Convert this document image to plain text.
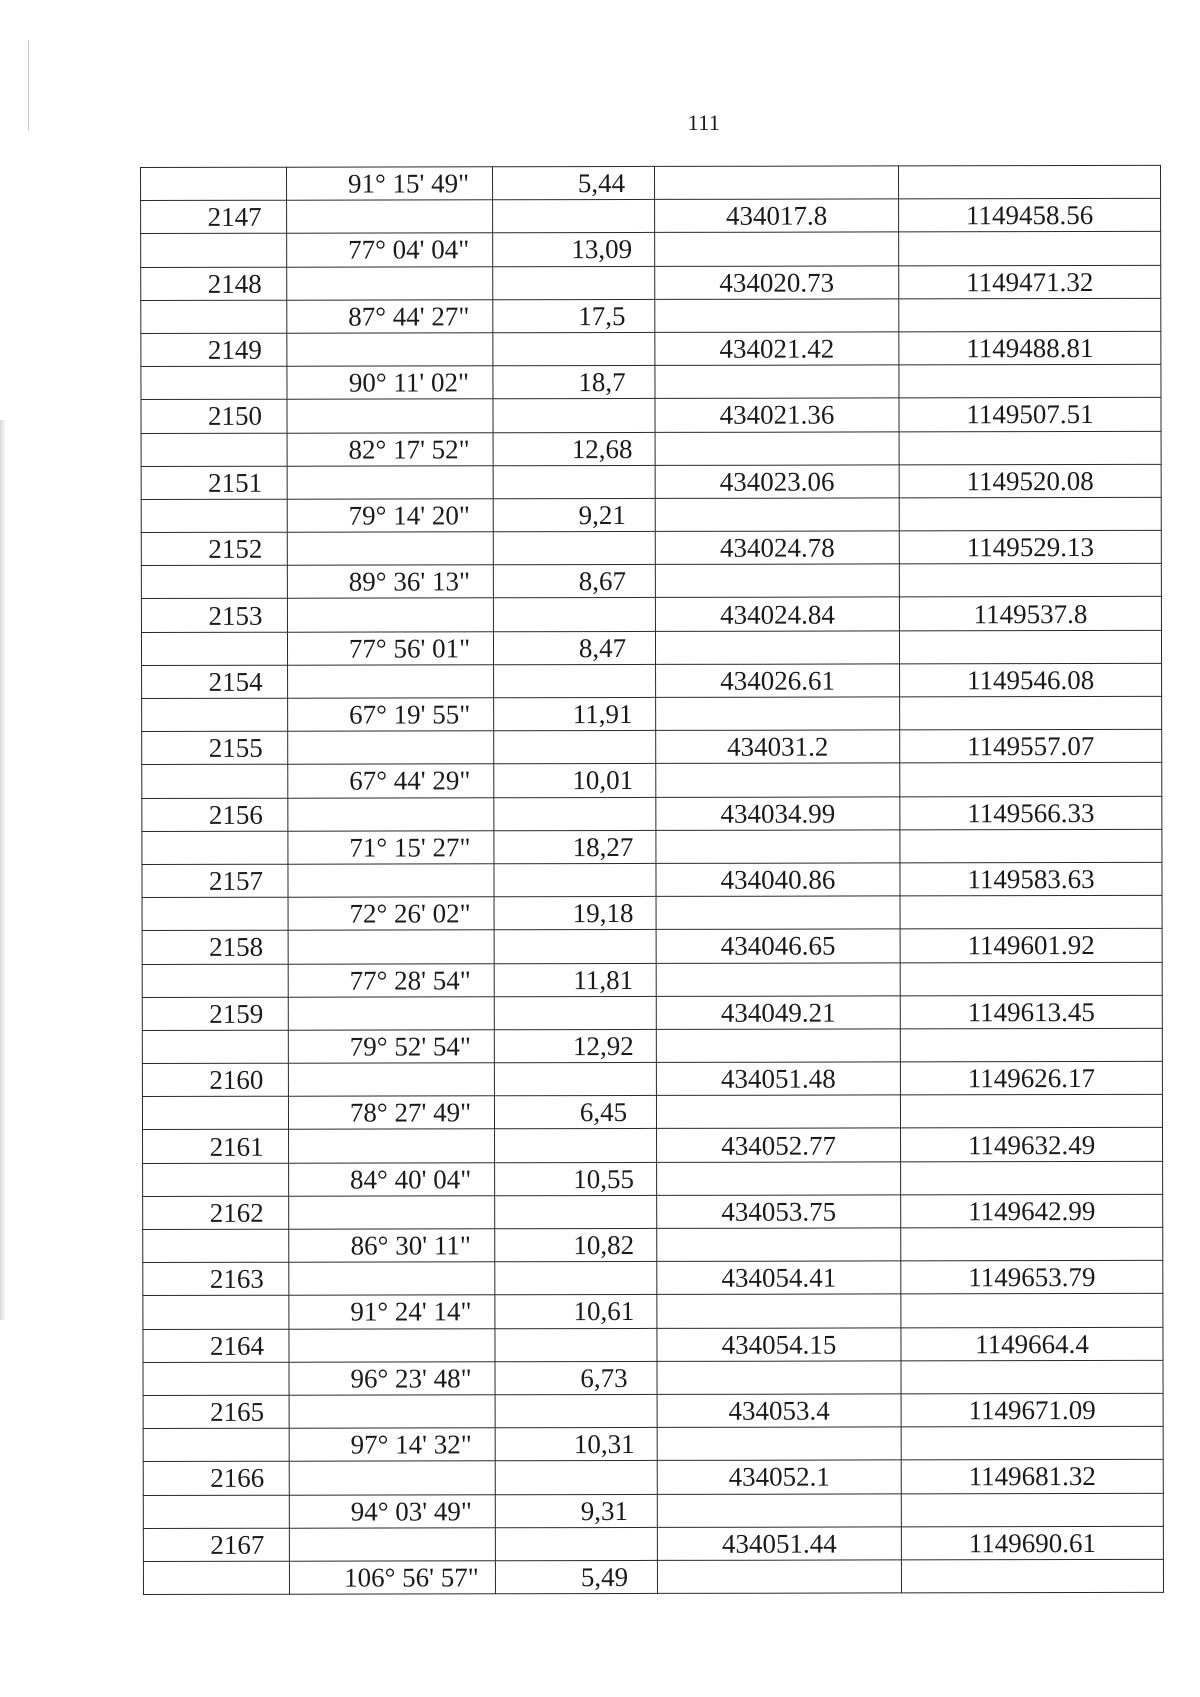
111
	91° 15' 49"	5,44		
2147			434017.8	1149458.56
	77° 04' 04"	13,09		
2148			434020.73	1149471.32
	87° 44' 27"	17,5		
2149			434021.42	1149488.81
	90° 11' 02"	18,7		
2150			434021.36	1149507.51
	82° 17' 52"	12,68		
2151			434023.06	1149520.08
	79° 14' 20"	9,21		
2152			434024.78	1149529.13
	89° 36' 13"	8,67		
2153			434024.84	1149537.8
	77° 56' 01"	8,47		
2154			434026.61	1149546.08
	67° 19' 55"	11,91		
2155			434031.2	1149557.07
	67° 44' 29"	10,01		
2156			434034.99	1149566.33
	71° 15' 27"	18,27		
2157			434040.86	1149583.63
	72° 26' 02"	19,18		
2158			434046.65	1149601.92
	77° 28' 54"	11,81		
2159			434049.21	1149613.45
	79° 52' 54"	12,92		
2160			434051.48	1149626.17
	78° 27' 49"	6,45		
2161			434052.77	1149632.49
	84° 40' 04"	10,55		
2162			434053.75	1149642.99
	86° 30' 11"	10,82		
2163			434054.41	1149653.79
	91° 24' 14"	10,61		
2164			434054.15	1149664.4
	96° 23' 48"	6,73		
2165			434053.4	1149671.09
	97° 14' 32"	10,31		
2166			434052.1	1149681.32
	94° 03' 49"	9,31		
2167			434051.44	1149690.61
	106° 56' 57"	5,49		
